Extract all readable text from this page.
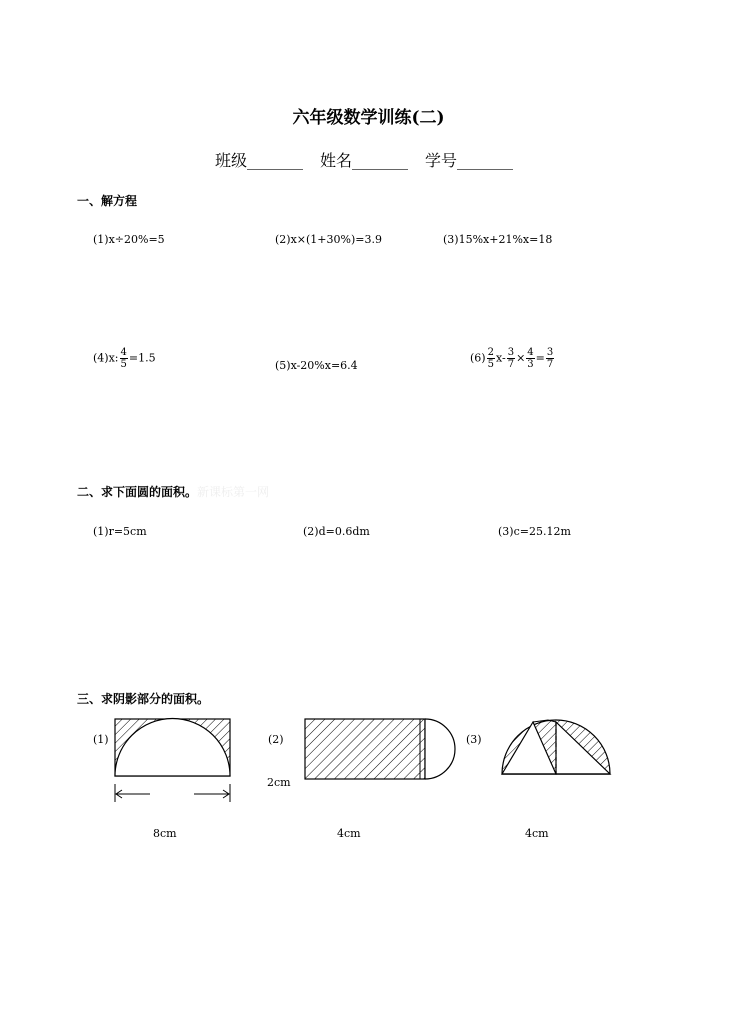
六年级数学训练(二)
班级_______ 姓名_______ 学号_______
一、解方程
(1)x÷20%=5	(2)x×(1+30%)=3.9	(3)15%x+21%x=18
(4)x: $\frac{4}{5} =1.5$
(5)x-20%x=6.4
$(6) \frac{2}{5} x- \frac{3}{7} \times \frac{4}{3} = \frac{3}{7}$
二、求下面圆的面积。新课标第一网
(1)r=5cm	(2)d=0.6dm	(3)c=25.12m
三、求阴影部分的面积。
(1)	(2)	(3)
2cm
8cm	4cm	4cm
